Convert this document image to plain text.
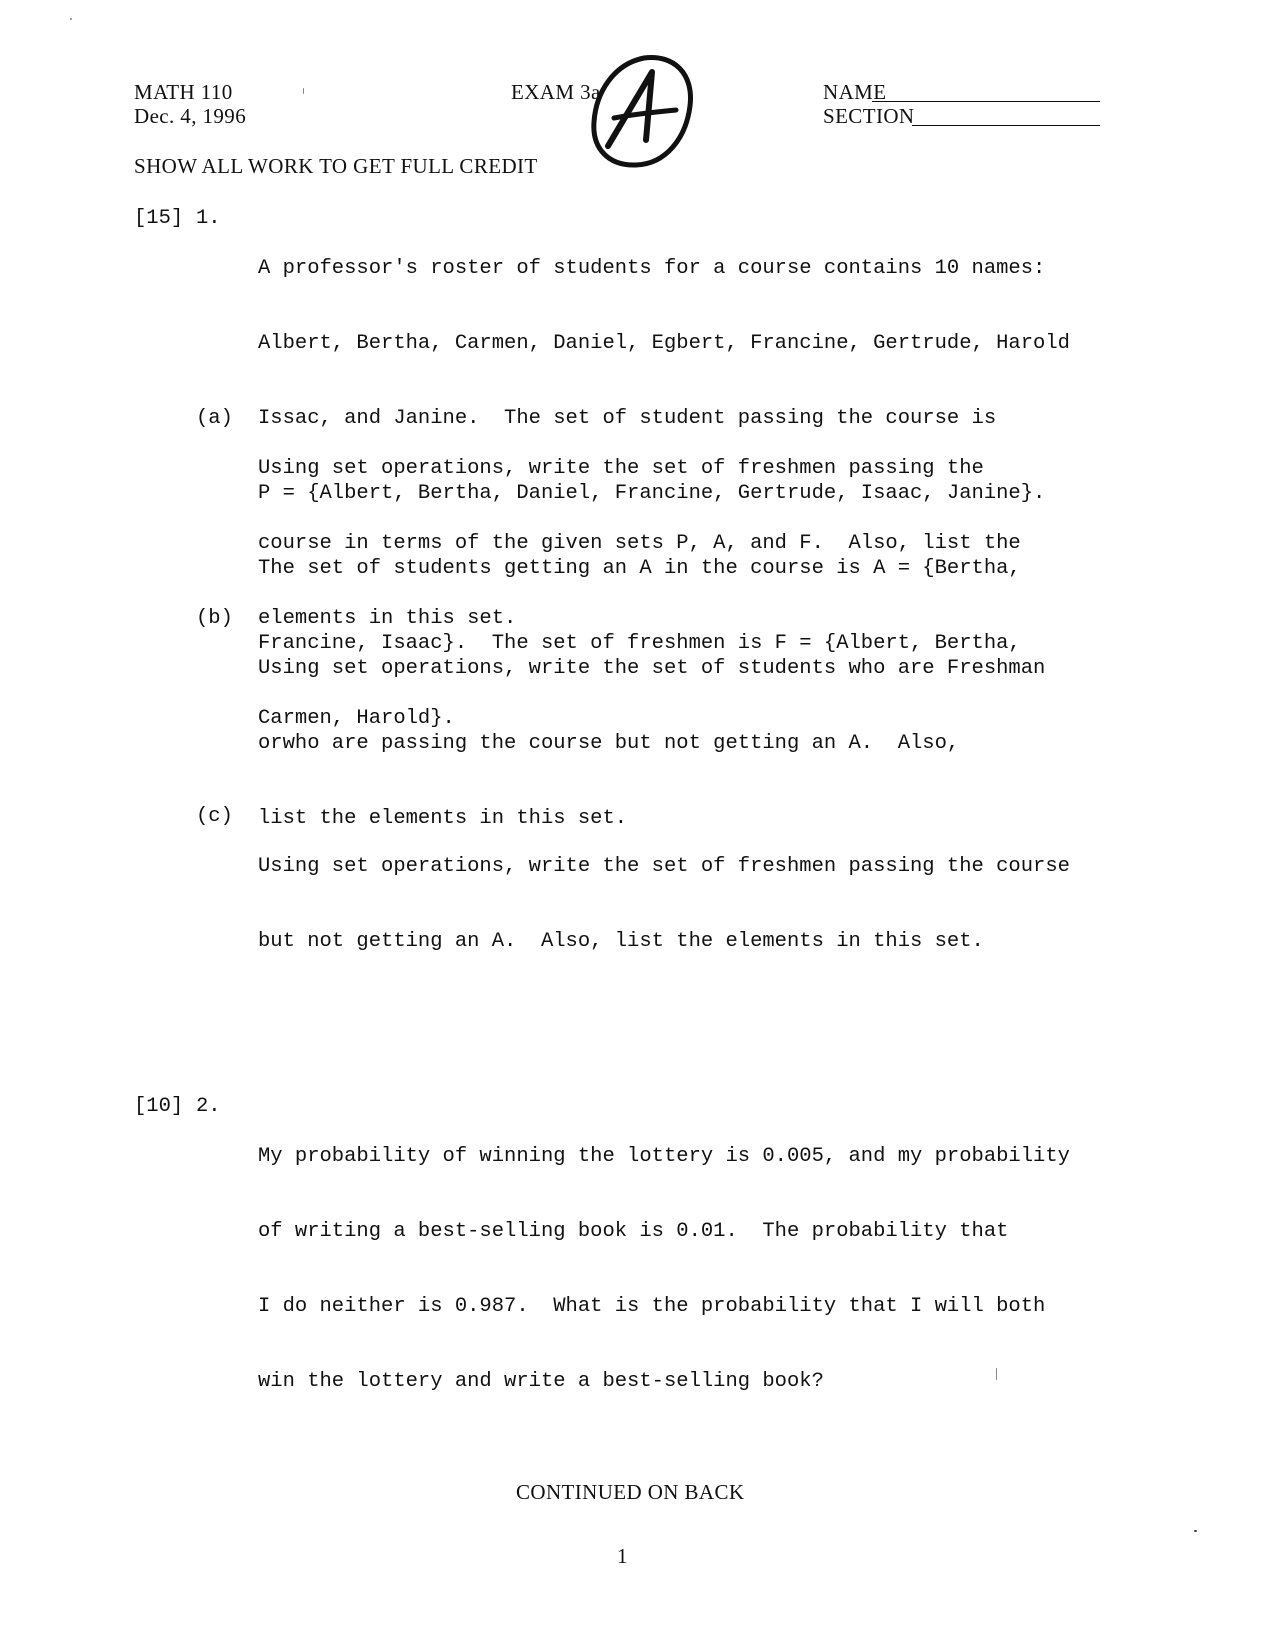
MATH 110
Dec. 4, 1996
EXAM 3a	NAME
SECTION
SHOW ALL WORK TO GET FULL CREDIT
[15] 1.

A professor's roster of students for a course contains 10 names:

Albert, Bertha, Carmen, Daniel, Egbert, Francine, Gertrude, Harold

Issac, and Janine.  The set of student passing the course is

P = {Albert, Bertha, Daniel, Francine, Gertrude, Isaac, Janine}.

The set of students getting an A in the course is A = {Bertha,

Francine, Isaac}.  The set of freshmen is F = {Albert, Bertha,

Carmen, Harold}.

(a)

Using set operations, write the set of freshmen passing the

course in terms of the given sets P, A, and F.  Also, list the

elements in this set.

(b)

Using set operations, write the set of students who are Freshman

orwho are passing the course but not getting an A.  Also,

list the elements in this set.

(c)

Using set operations, write the set of freshmen passing the course

but not getting an A.  Also, list the elements in this set.

[10] 2.

My probability of winning the lottery is 0.005, and my probability

of writing a best-selling book is 0.01.  The probability that

I do neither is 0.987.  What is the probability that I will both

win the lottery and write a best-selling book?

CONTINUED ON BACK
1
